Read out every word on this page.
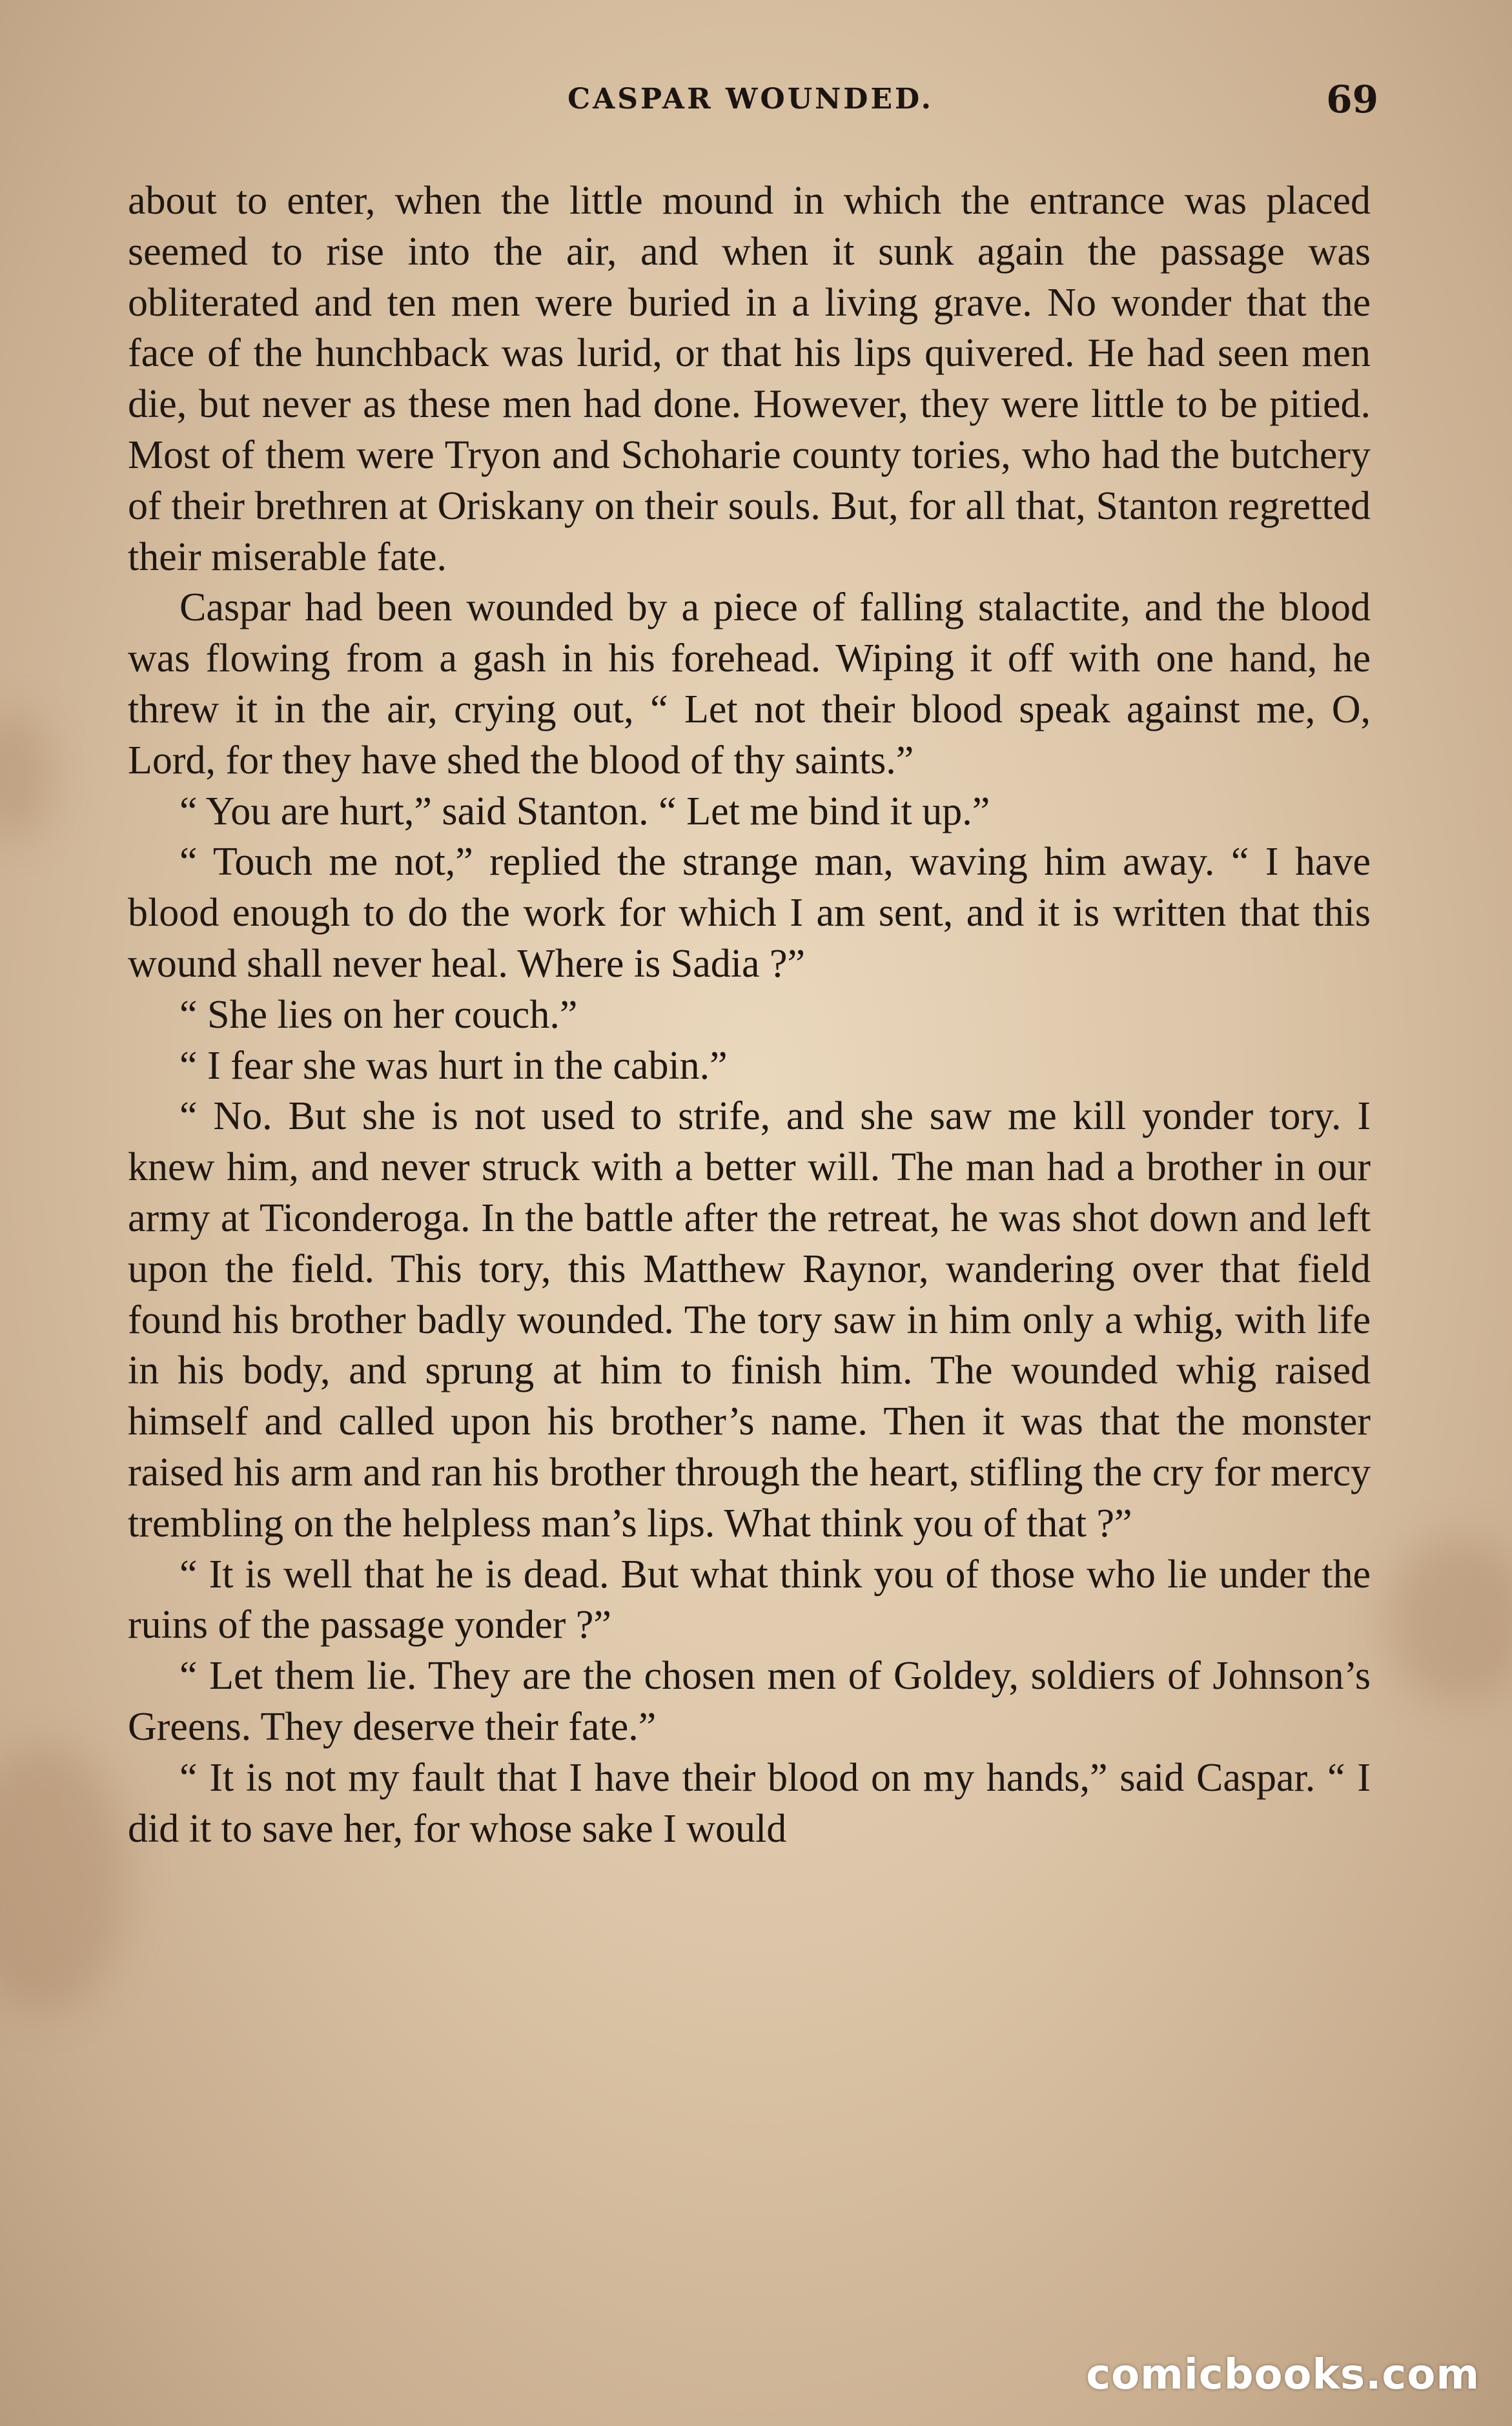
CASPAR WOUNDED.	69

about to enter, when the little mound in which the entrance was placed seemed to rise into the air, and when it sunk again the passage was obliterated and ten men were buried in a living grave. No wonder that the face of the hunchback was lurid, or that his lips quivered. He had seen men die, but never as these men had done. However, they were little to be pitied. Most of them were Tryon and Schoharie county tories, who had the butchery of their brethren at Oriskany on their souls. But, for all that, Stanton regretted their miserable fate.

Caspar had been wounded by a piece of falling stalactite, and the blood was flowing from a gash in his forehead. Wiping it off with one hand, he threw it in the air, crying out, “ Let not their blood speak against me, O, Lord, for they have shed the blood of thy saints.”

“ You are hurt,” said Stanton. “ Let me bind it up.”

“ Touch me not,” replied the strange man, waving him away. “ I have blood enough to do the work for which I am sent, and it is written that this wound shall never heal. Where is Sadia ?”

“ She lies on her couch.”

“ I fear she was hurt in the cabin.”

“ No. But she is not used to strife, and she saw me kill yonder tory. I knew him, and never struck with a better will. The man had a brother in our army at Ticonderoga. In the battle after the retreat, he was shot down and left upon the field. This tory, this Matthew Raynor, wandering over that field found his brother badly wounded. The tory saw in him only a whig, with life in his body, and sprung at him to finish him. The wounded whig raised himself and called upon his brother’s name. Then it was that the monster raised his arm and ran his brother through the heart, stifling the cry for mercy trembling on the helpless man’s lips. What think you of that ?”

“ It is well that he is dead. But what think you of those who lie under the ruins of the passage yonder ?”

“ Let them lie. They are the chosen men of Goldey, soldiers of Johnson’s Greens. They deserve their fate.”

“ It is not my fault that I have their blood on my hands,” said Caspar. “ I did it to save her, for whose sake I would

comicbooks.com
